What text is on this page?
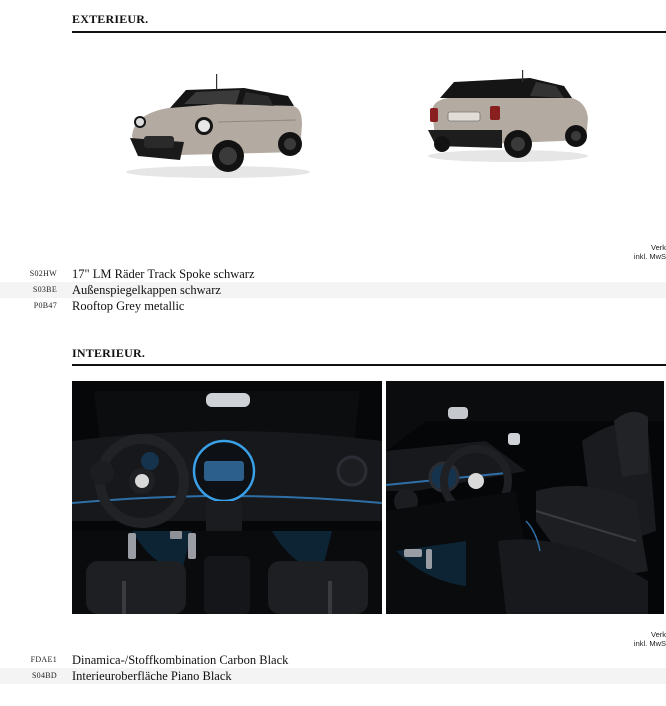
EXTERIEUR.
Verk
inkl. MwS
S02HW 17" LM Räder Track Spoke schwarz
S03BE Außenspiegelkappen schwarz
P0B47 Rooftop Grey metallic
INTERIEUR.
Verk
inkl. MwS
FDAE1 Dinamica-/Stoffkombination Carbon Black
S04BD Interieuroberfläche Piano Black
